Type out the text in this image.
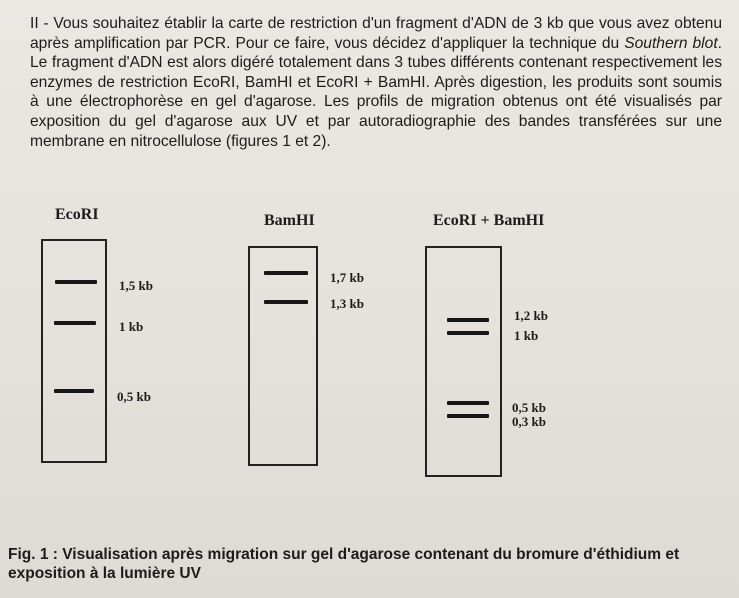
II - Vous souhaitez établir la carte de restriction d'un fragment d'ADN de 3 kb que vous avez obtenu après amplification par PCR. Pour ce faire, vous décidez d'appliquer la technique du Southern blot. Le fragment d'ADN est alors digéré totalement dans 3 tubes différents contenant respectivement les enzymes de restriction EcoRI, BamHI et EcoRI + BamHI. Après digestion, les produits sont soumis à une électrophorèse en gel d'agarose. Les profils de migration obtenus ont été visualisés par exposition du gel d'agarose aux UV et par autoradiographie des bandes transférées sur une membrane en nitrocellulose (figures 1 et 2).

EcoRI
1,5 kb
1 kb
0,5 kb
BamHI
1,7 kb
1,3 kb
EcoRI + BamHI
1,2 kb
1 kb
0,5 kb
0,3 kb

Fig. 1 : Visualisation après migration sur gel d'agarose contenant du bromure d'éthidium et exposition à la lumière UV
